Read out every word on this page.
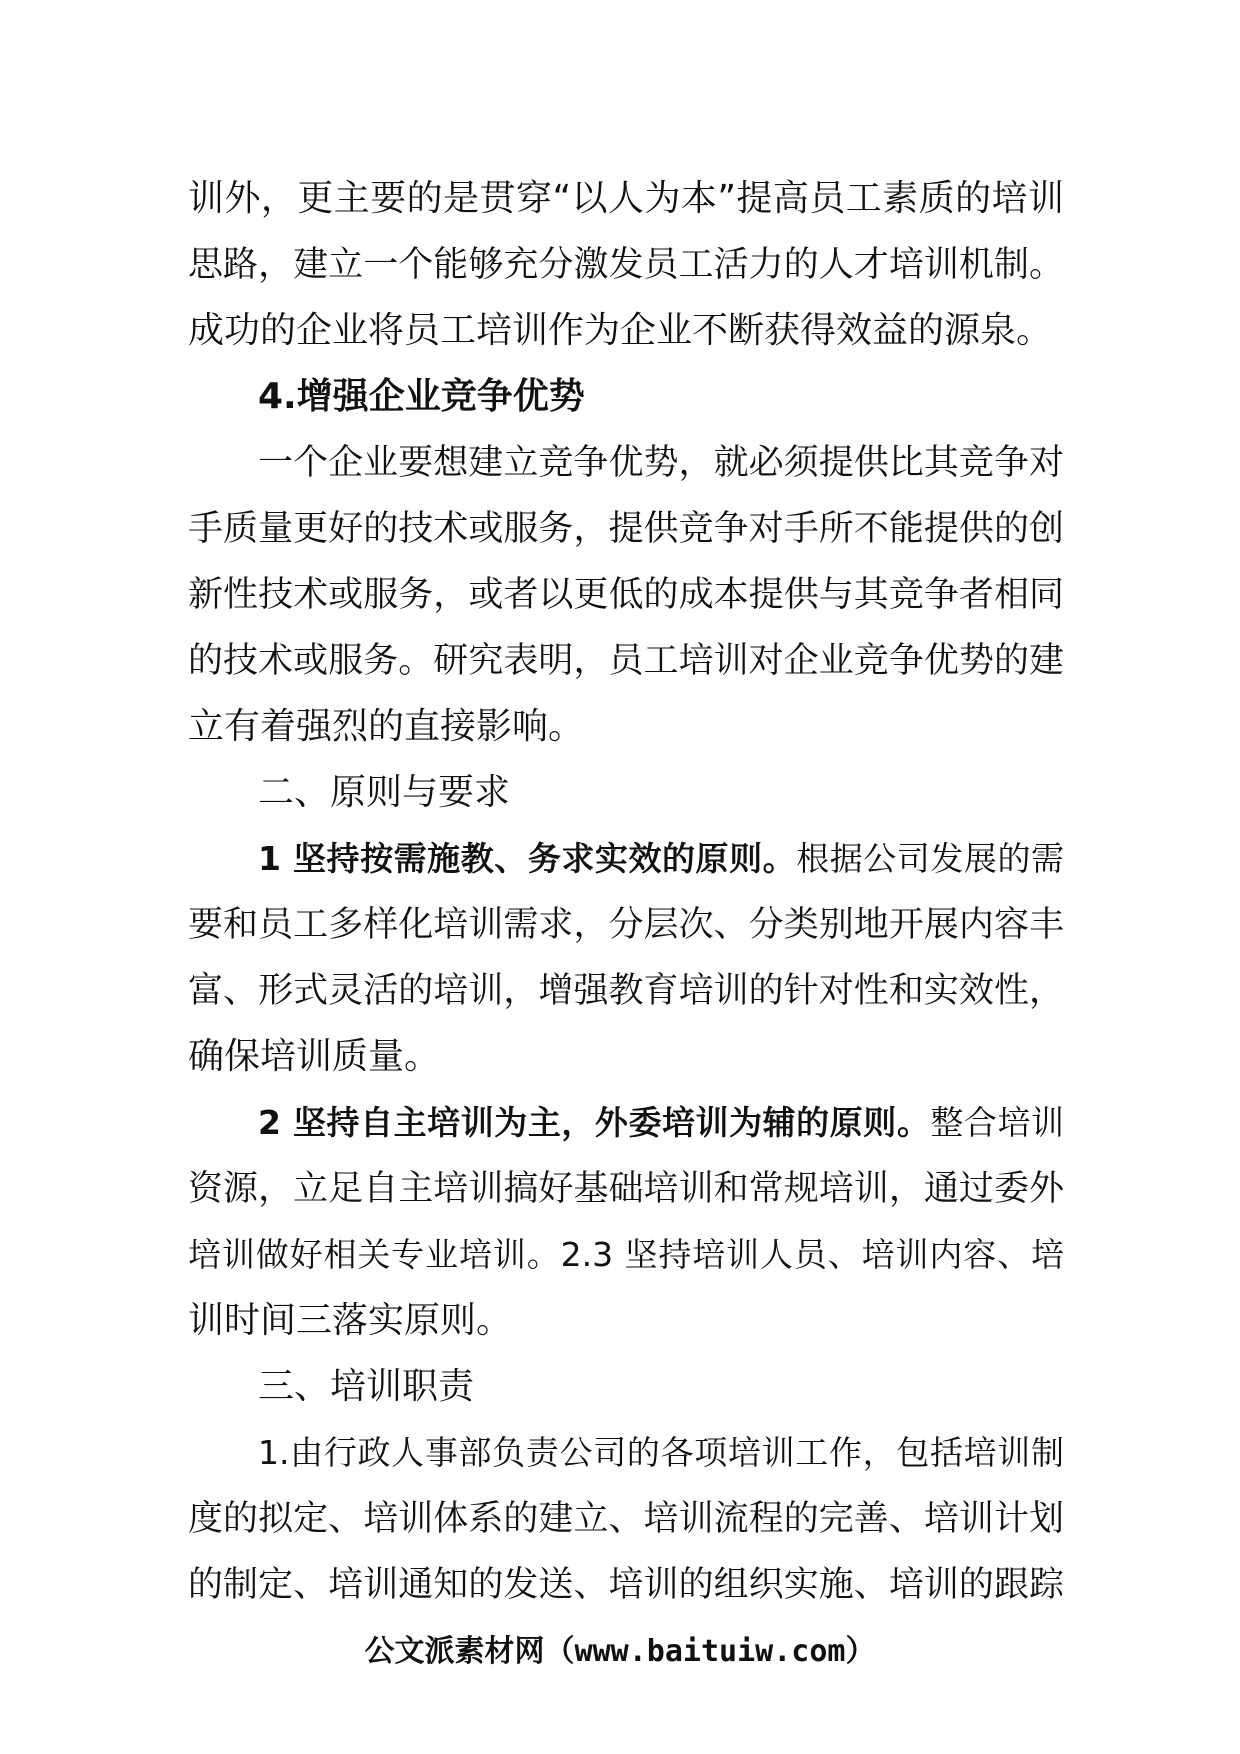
训外，更主要的是贯穿“以人为本”提高员工素质的培训
思路，建立一个能够充分激发员工活力的人才培训机制。
成功的企业将员工培训作为企业不断获得效益的源泉。
4.增强企业竞争优势
一个企业要想建立竞争优势，就必须提供比其竞争对
手质量更好的技术或服务，提供竞争对手所不能提供的创
新性技术或服务，或者以更低的成本提供与其竞争者相同
的技术或服务。研究表明，员工培训对企业竞争优势的建
立有着强烈的直接影响。
二、原则与要求
1 坚持按需施教、务求实效的原则。根据公司发展的需
要和员工多样化培训需求，分层次、分类别地开展内容丰
富、形式灵活的培训，增强教育培训的针对性和实效性，
确保培训质量。
2 坚持自主培训为主，外委培训为辅的原则。整合培训
资源，立足自主培训搞好基础培训和常规培训，通过委外
培训做好相关专业培训。2.3 坚持培训人员、培训内容、培
训时间三落实原则。
三、培训职责
1.由行政人事部负责公司的各项培训工作，包括培训制
度的拟定、培训体系的建立、培训流程的完善、培训计划
的制定、培训通知的发送、培训的组织实施、培训的跟踪
公文派素材网（www.baituiw.com）
